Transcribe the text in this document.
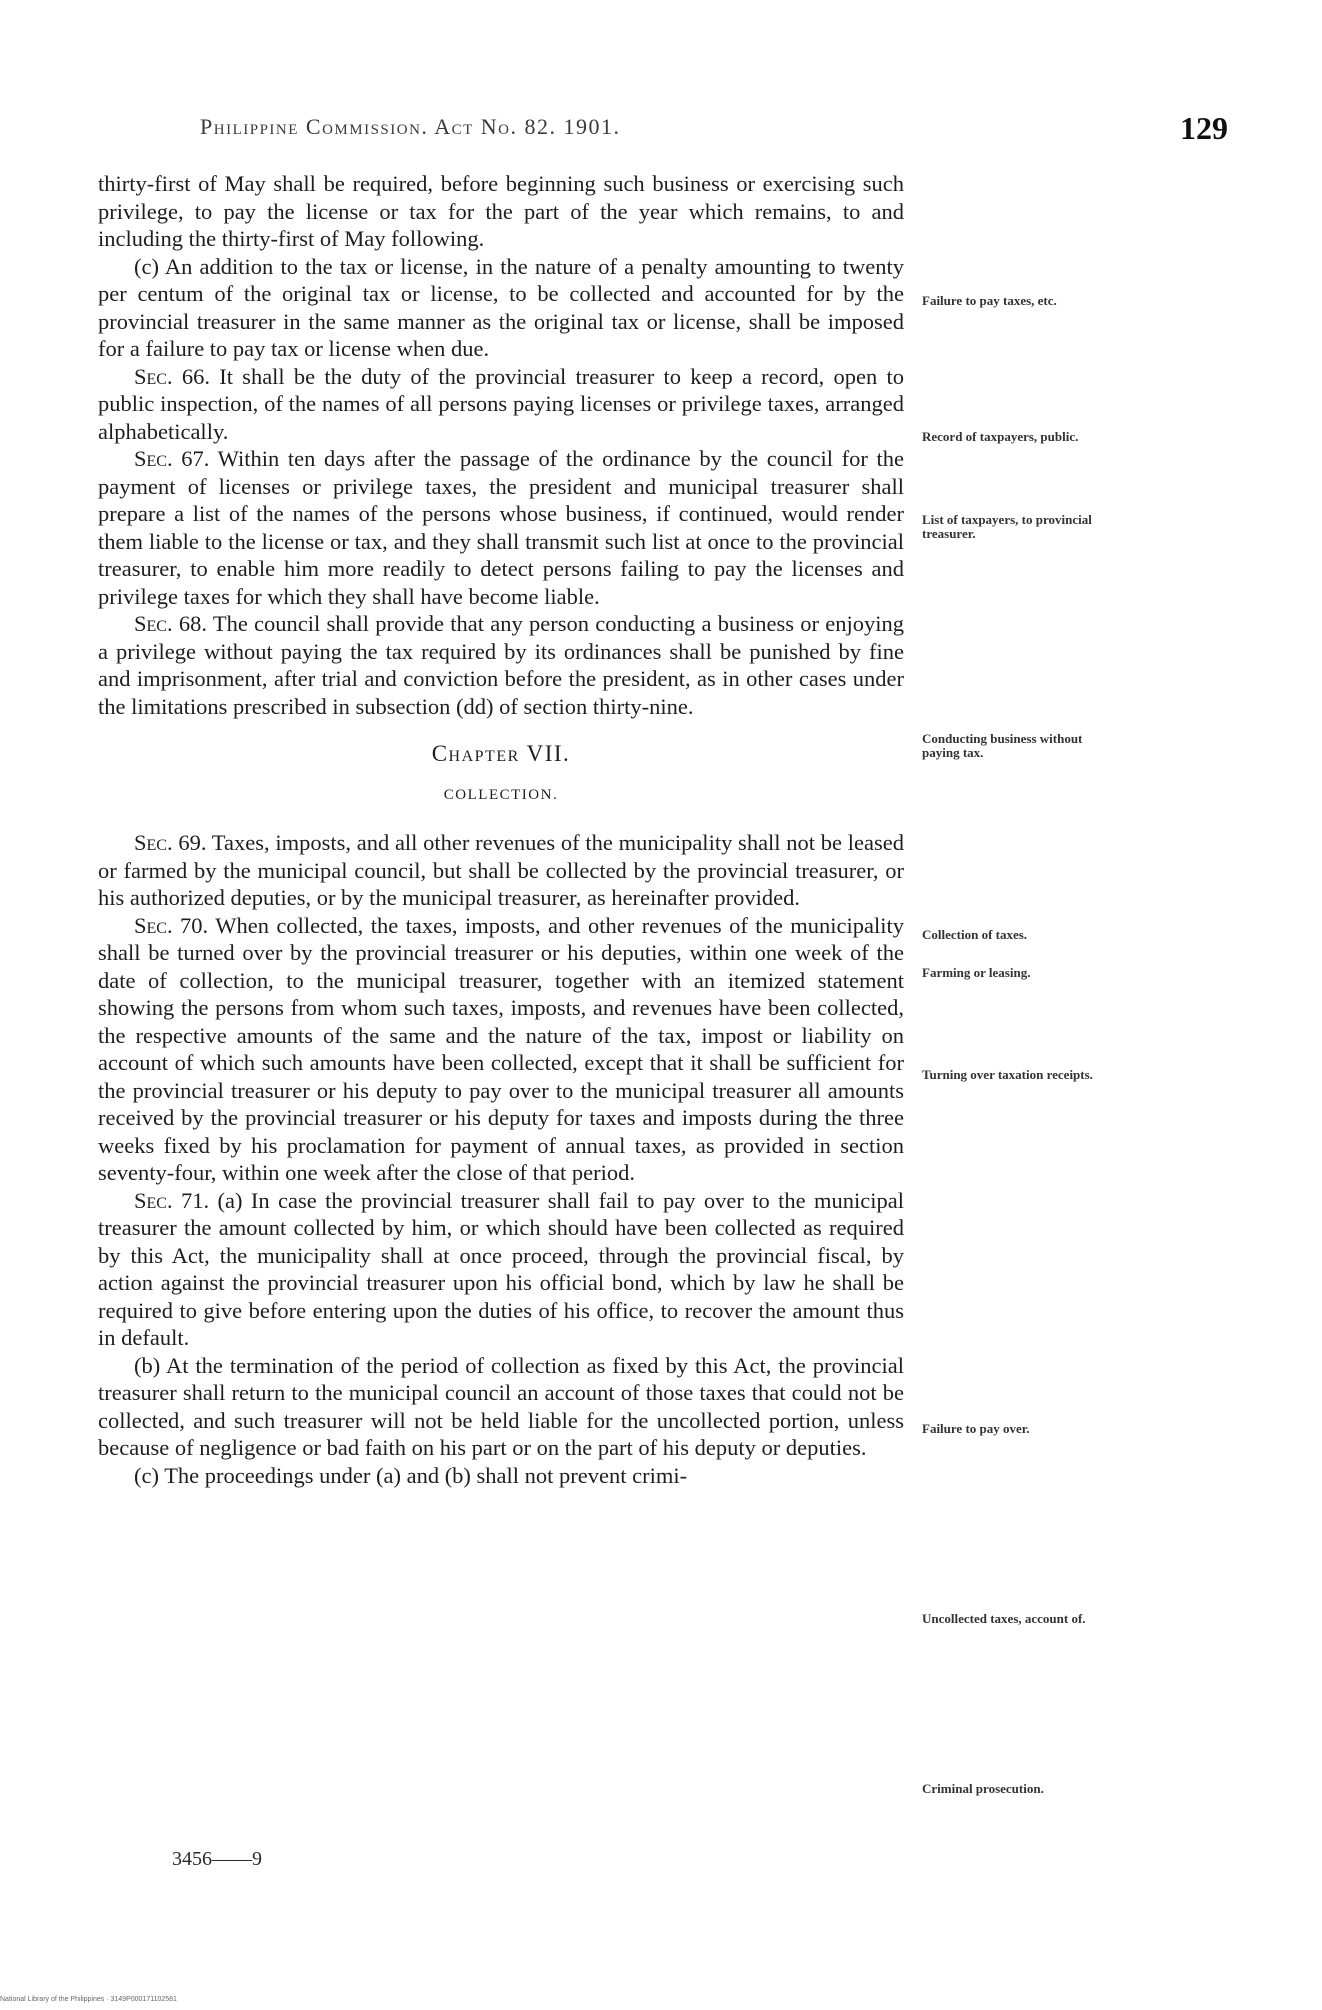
Philippine Commission. Act No. 82. 1901.	129

thirty-first of May shall be required, before beginning such business or exercising such privilege, to pay the license or tax for the part of the year which remains, to and including the thirty-first of May following.

(c) An addition to the tax or license, in the nature of a penalty amounting to twenty per centum of the original tax or license, to be collected and accounted for by the provincial treasurer in the same manner as the original tax or license, shall be imposed for a failure to pay tax or license when due.

Sec. 66. It shall be the duty of the provincial treasurer to keep a record, open to public inspection, of the names of all persons paying licenses or privilege taxes, arranged alphabetically.

Sec. 67. Within ten days after the passage of the ordinance by the council for the payment of licenses or privilege taxes, the president and municipal treasurer shall prepare a list of the names of the persons whose business, if continued, would render them liable to the license or tax, and they shall transmit such list at once to the provincial treasurer, to enable him more readily to detect persons failing to pay the licenses and privilege taxes for which they shall have become liable.

Sec. 68. The council shall provide that any person conducting a business or enjoying a privilege without paying the tax required by its ordinances shall be punished by fine and imprisonment, after trial and conviction before the president, as in other cases under the limitations prescribed in subsection (dd) of section thirty-nine.

Chapter VII.

COLLECTION.

Sec. 69. Taxes, imposts, and all other revenues of the municipality shall not be leased or farmed by the municipal council, but shall be collected by the provincial treasurer, or his authorized deputies, or by the municipal treasurer, as hereinafter provided.

Sec. 70. When collected, the taxes, imposts, and other revenues of the municipality shall be turned over by the provincial treasurer or his deputies, within one week of the date of collection, to the municipal treasurer, together with an itemized statement showing the persons from whom such taxes, imposts, and revenues have been collected, the respective amounts of the same and the nature of the tax, impost or liability on account of which such amounts have been collected, except that it shall be sufficient for the provincial treasurer or his deputy to pay over to the municipal treasurer all amounts received by the provincial treasurer or his deputy for taxes and imposts during the three weeks fixed by his proclamation for payment of annual taxes, as provided in section seventy-four, within one week after the close of that period.

Sec. 71. (a) In case the provincial treasurer shall fail to pay over to the municipal treasurer the amount collected by him, or which should have been collected as required by this Act, the municipality shall at once proceed, through the provincial fiscal, by action against the provincial treasurer upon his official bond, which by law he shall be required to give before entering upon the duties of his office, to recover the amount thus in default.

(b) At the termination of the period of collection as fixed by this Act, the provincial treasurer shall return to the municipal council an account of those taxes that could not be collected, and such treasurer will not be held liable for the uncollected portion, unless because of negligence or bad faith on his part or on the part of his deputy or deputies.

(c) The proceedings under (a) and (b) shall not prevent crimi-

Failure to pay taxes, etc.
Record of taxpayers, public.
List of taxpayers, to provincial treasurer.
Conducting business without paying tax.
Collection of taxes.
Farming or leasing.
Turning over taxation receipts.
Failure to pay over.
Uncollected taxes, account of.
Criminal prosecution.
3456——9
National Library of the Philippines · 3149P000171102581
